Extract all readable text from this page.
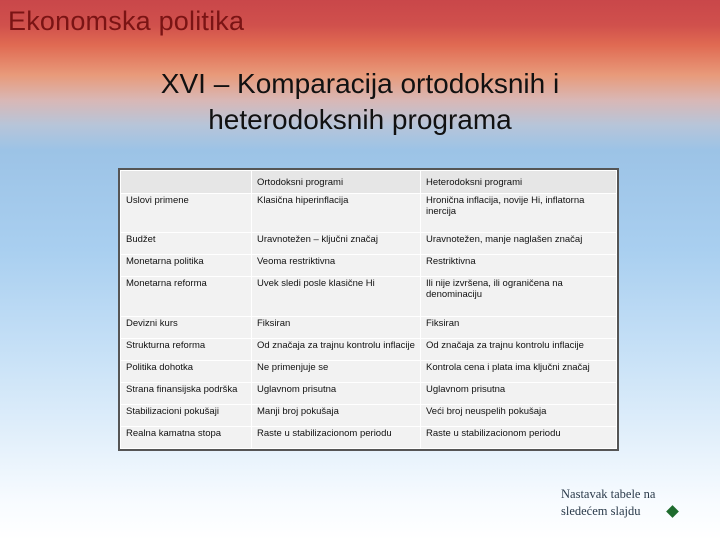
Ekonomska politika
XVI – Komparacija ortodoksnih i
heterodoksnih programa
	Ortodoksni programi	Heterodoksni programi
Uslovi primene	Klasična hiperinflacija	Hronična inflacija, novije Hi, inflatorna inercija
Budžet	Uravnotežen – ključni značaj	Uravnotežen, manje naglašen značaj
Monetarna politika	Veoma restriktivna	Restriktivna
Monetarna reforma	Uvek sledi posle klasične Hi	Ili nije izvršena, ili ograničena na denominaciju
Devizni kurs	Fiksiran	Fiksiran
Strukturna reforma	Od značaja za trajnu kontrolu inflacije	Od značaja za trajnu kontrolu inflacije
Politika dohotka	Ne primenjuje se	Kontrola cena i plata ima ključni značaj
Strana finansijska podrška	Uglavnom prisutna	Uglavnom prisutna
Stabilizacioni pokušaji	Manji broj pokušaja	Veći broj neuspelih pokušaja
Realna kamatna stopa	Raste u stabilizacionom periodu	Raste u stabilizacionom periodu
Nastavak tabele na
sledećem slajdu
